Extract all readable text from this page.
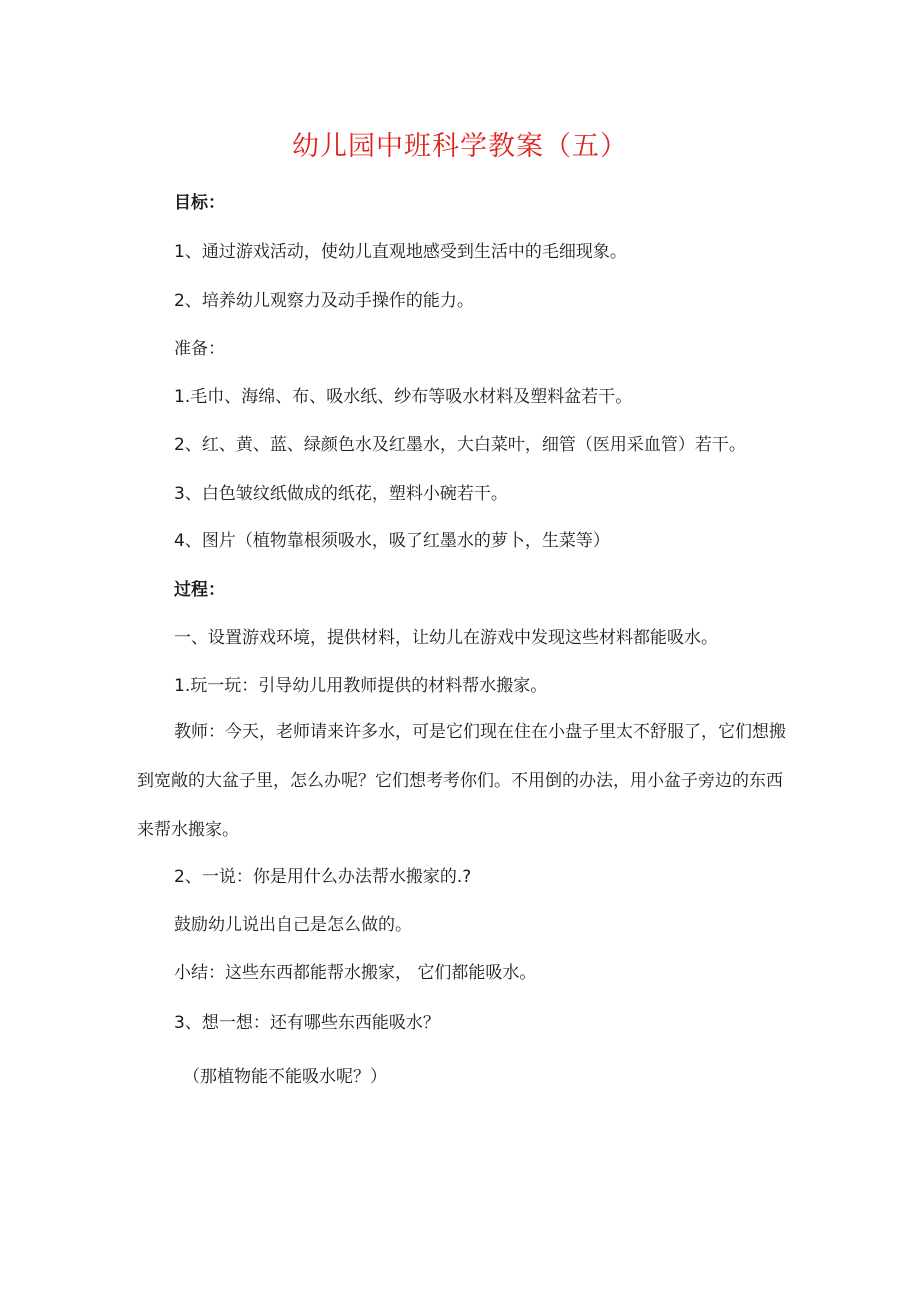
幼儿园中班科学教案（五）
目标：
1、通过游戏活动，使幼儿直观地感受到生活中的毛细现象。
2、培养幼儿观察力及动手操作的能力。
准备：
1.毛巾、海绵、布、吸水纸、纱布等吸水材料及塑料盆若干。
2、红、黄、蓝、绿颜色水及红墨水，大白菜叶，细管（医用采血管）若干。
3、白色皱纹纸做成的纸花，塑料小碗若干。
4、图片（植物靠根须吸水，吸了红墨水的萝卜，生菜等）
过程：
一、设置游戏环境，提供材料，让幼儿在游戏中发现这些材料都能吸水。
1.玩一玩：引导幼儿用教师提供的材料帮水搬家。
教师：今天，老师请来许多水，可是它们现在住在小盘子里太不舒服了，它们想搬到宽敞的大盆子里，怎么办呢？它们想考考你们。不用倒的办法，用小盆子旁边的东西来帮水搬家。
2、一说：你是用什么办法帮水搬家的.?
鼓励幼儿说出自己是怎么做的。
小结：这些东西都能帮水搬家， 它们都能吸水。
3、想一想：还有哪些东西能吸水？
（那植物能不能吸水呢？）
